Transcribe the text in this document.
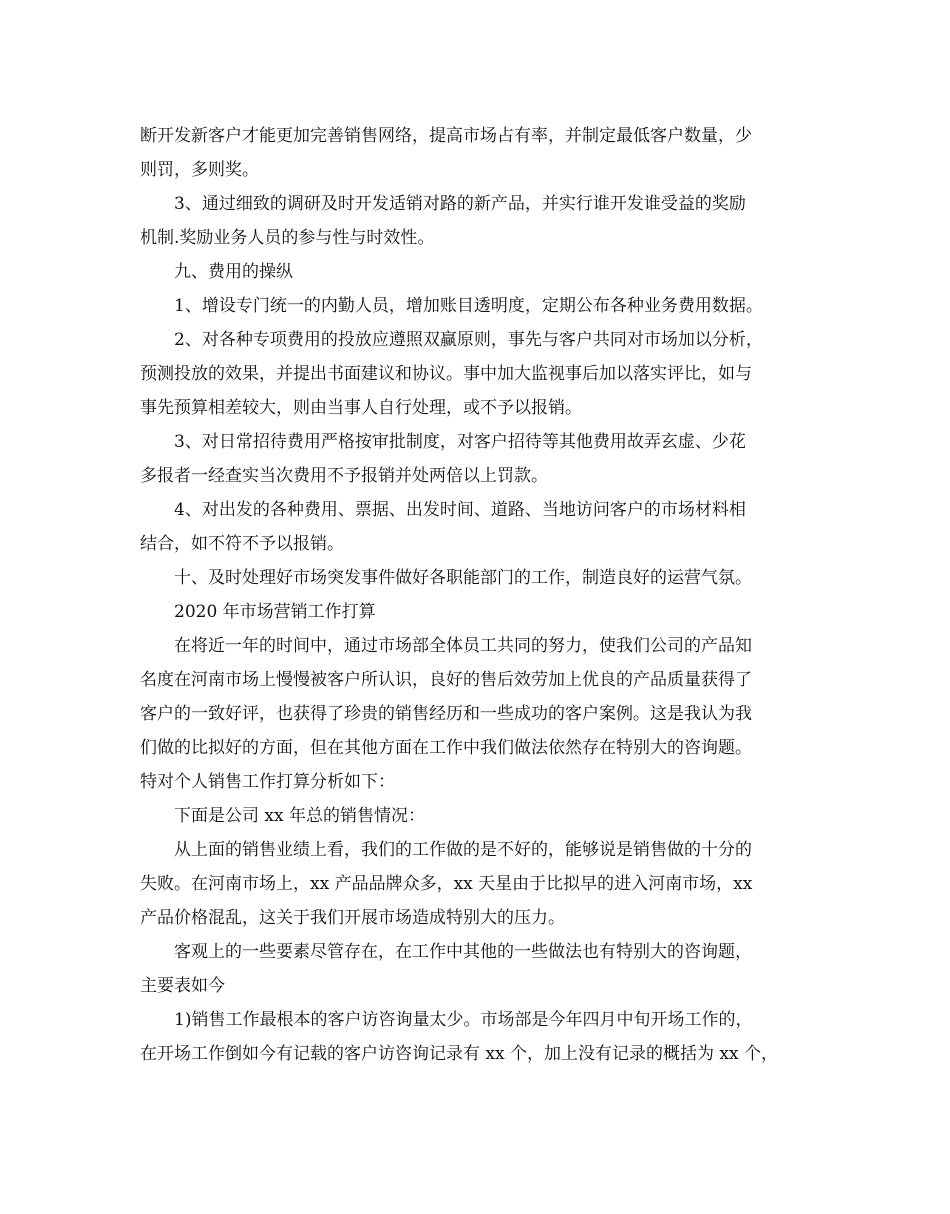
断开发新客户才能更加完善销售网络，提高市场占有率，并制定最低客户数量，少
则罚，多则奖。
3、通过细致的调研及时开发适销对路的新产品，并实行谁开发谁受益的奖励
机制.奖励业务人员的参与性与时效性。
九、费用的操纵
1、增设专门统一的内勤人员，增加账目透明度，定期公布各种业务费用数据。
2、对各种专项费用的投放应遵照双赢原则，事先与客户共同对市场加以分析，
预测投放的效果，并提出书面建议和协议。事中加大监视事后加以落实评比，如与
事先预算相差较大，则由当事人自行处理，或不予以报销。
3、对日常招待费用严格按审批制度，对客户招待等其他费用故弄玄虚、少花
多报者一经查实当次费用不予报销并处两倍以上罚款。
4、对出发的各种费用、票据、出发时间、道路、当地访问客户的市场材料相
结合，如不符不予以报销。
十、及时处理好市场突发事件做好各职能部门的工作，制造良好的运营气氛。
2020 年市场营销工作打算
在将近一年的时间中，通过市场部全体员工共同的努力，使我们公司的产品知
名度在河南市场上慢慢被客户所认识，良好的售后效劳加上优良的产品质量获得了
客户的一致好评，也获得了珍贵的销售经历和一些成功的客户案例。这是我认为我
们做的比拟好的方面，但在其他方面在工作中我们做法依然存在特别大的咨询题。
特对个人销售工作打算分析如下：
下面是公司 xx 年总的销售情况：
从上面的销售业绩上看，我们的工作做的是不好的，能够说是销售做的十分的
失败。在河南市场上，xx 产品品牌众多，xx 天星由于比拟早的进入河南市场，xx
产品价格混乱，这关于我们开展市场造成特别大的压力。
客观上的一些要素尽管存在，在工作中其他的一些做法也有特别大的咨询题，
主要表如今
1)销售工作最根本的客户访咨询量太少。市场部是今年四月中旬开场工作的，
在开场工作倒如今有记载的客户访咨询记录有 xx 个，加上没有记录的概括为 xx 个，
